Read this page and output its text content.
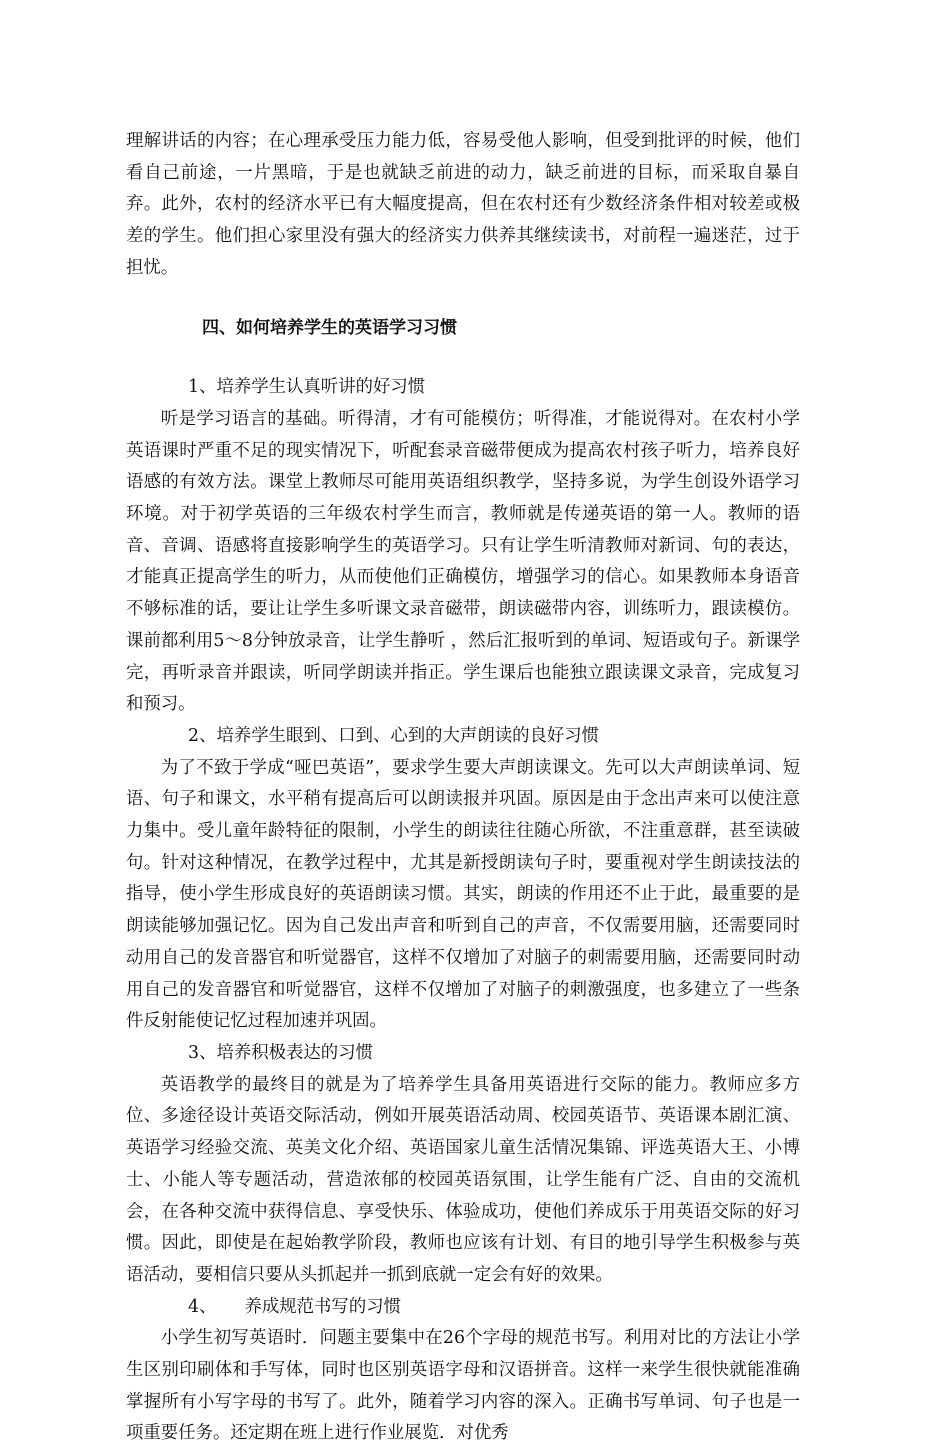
理解讲话的内容；在心理承受压力能力低，容易受他人影响，但受到批评的时候，他们看自己前途，一片黑暗，于是也就缺乏前进的动力，缺乏前进的目标，而采取自暴自弃。此外，农村的经济水平已有大幅度提高，但在农村还有少数经济条件相对较差或极差的学生。他们担心家里没有强大的经济实力供养其继续读书，对前程一遍迷茫，过于担忧。

四、如何培养学生的英语学习习惯

1、培养学生认真听讲的好习惯

听是学习语言的基础。听得清，才有可能模仿；听得准，才能说得对。在农村小学英语课时严重不足的现实情况下，听配套录音磁带便成为提高农村孩子听力，培养良好语感的有效方法。课堂上教师尽可能用英语组织教学，坚持多说，为学生创设外语学习环境。对于初学英语的三年级农村学生而言，教师就是传递英语的第一人。教师的语音、音调、语感将直接影响学生的英语学习。只有让学生听清教师对新词、句的表达，才能真正提高学生的听力，从而使他们正确模仿，增强学习的信心。如果教师本身语音不够标准的话，要让让学生多听课文录音磁带，朗读磁带内容，训练听力，跟读模仿。课前都利用5～8分钟放录音，让学生静听 ，然后汇报听到的单词、短语或句子。新课学完，再听录音并跟读，听同学朗读并指正。学生课后也能独立跟读课文录音，完成复习和预习。

2、培养学生眼到、口到、心到的大声朗读的良好习惯

为了不致于学成“哑巴英语”，要求学生要大声朗读课文。先可以大声朗读单词、短语、句子和课文，水平稍有提高后可以朗读报并巩固。原因是由于念出声来可以使注意力集中。受儿童年龄特征的限制，小学生的朗读往往随心所欲，不注重意群，甚至读破句。针对这种情况，在教学过程中，尤其是新授朗读句子时，要重视对学生朗读技法的指导，使小学生形成良好的英语朗读习惯。其实，朗读的作用还不止于此，最重要的是朗读能够加强记忆。因为自己发出声音和听到自己的声音，不仅需要用脑，还需要同时动用自己的发音器官和听觉器官，这样不仅增加了对脑子的刺需要用脑，还需要同时动用自己的发音器官和听觉器官，这样不仅增加了对脑子的刺激强度，也多建立了一些条件反射能使记忆过程加速并巩固。

3、培养积极表达的习惯

英语教学的最终目的就是为了培养学生具备用英语进行交际的能力。教师应多方位、多途径设计英语交际活动，例如开展英语活动周、校园英语节、英语课本剧汇演、英语学习经验交流、英美文化介绍、英语国家儿童生活情况集锦、评选英语大王、小博士、小能人等专题活动，营造浓郁的校园英语氛围，让学生能有广泛、自由的交流机会，在各种交流中获得信息、享受快乐、体验成功，使他们养成乐于用英语交际的好习惯。因此，即使是在起始教学阶段，教师也应该有计划、有目的地引导学生积极参与英语活动，要相信只要从头抓起并一抓到底就一定会有好的效果。

4、 养成规范书写的习惯

小学生初写英语时．问题主要集中在26个字母的规范书写。利用对比的方法让小学生区别印刷体和手写体，同时也区别英语字母和汉语拼音。这样一来学生很快就能准确掌握所有小写字母的书写了。此外，随着学习内容的深入。正确书写单词、句子也是一项重要任务。还定期在班上进行作业展览．对优秀
